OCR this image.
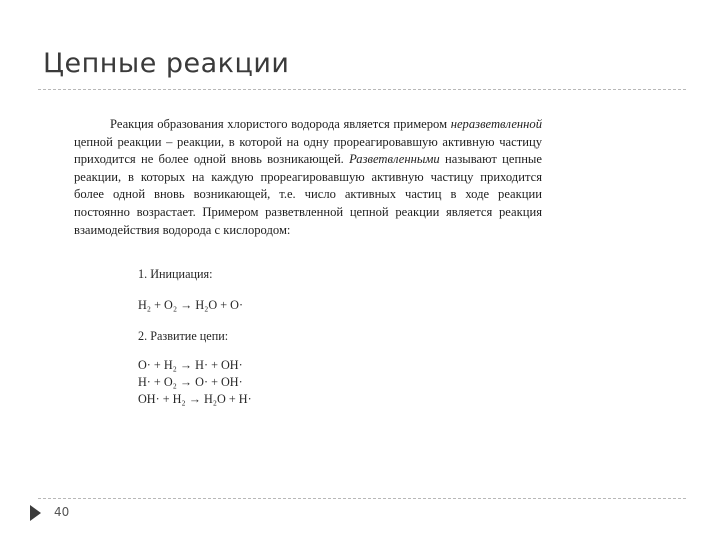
Цепные реакции

Реакция образования хлористого водорода является примером неразветвленной цепной реакции – реакции, в которой на одну прореагировавшую активную частицу приходится не более одной вновь возникающей. Разветвленными называют цепные реакции, в которых на каждую прореагировавшую активную частицу приходится более одной вновь возникающей, т.е. число активных частиц в ходе реакции постоянно возрастает. Примером разветвленной цепной реакции является реакция взаимодействия водорода с кислородом:

1. Инициация:

H₂ + O₂ → H₂O + O·

2. Развитие цепи:

O· + H₂ → H· + OH·

H· + O₂ → O· + OH·

OH· + H₂ → H₂O + H·

40
